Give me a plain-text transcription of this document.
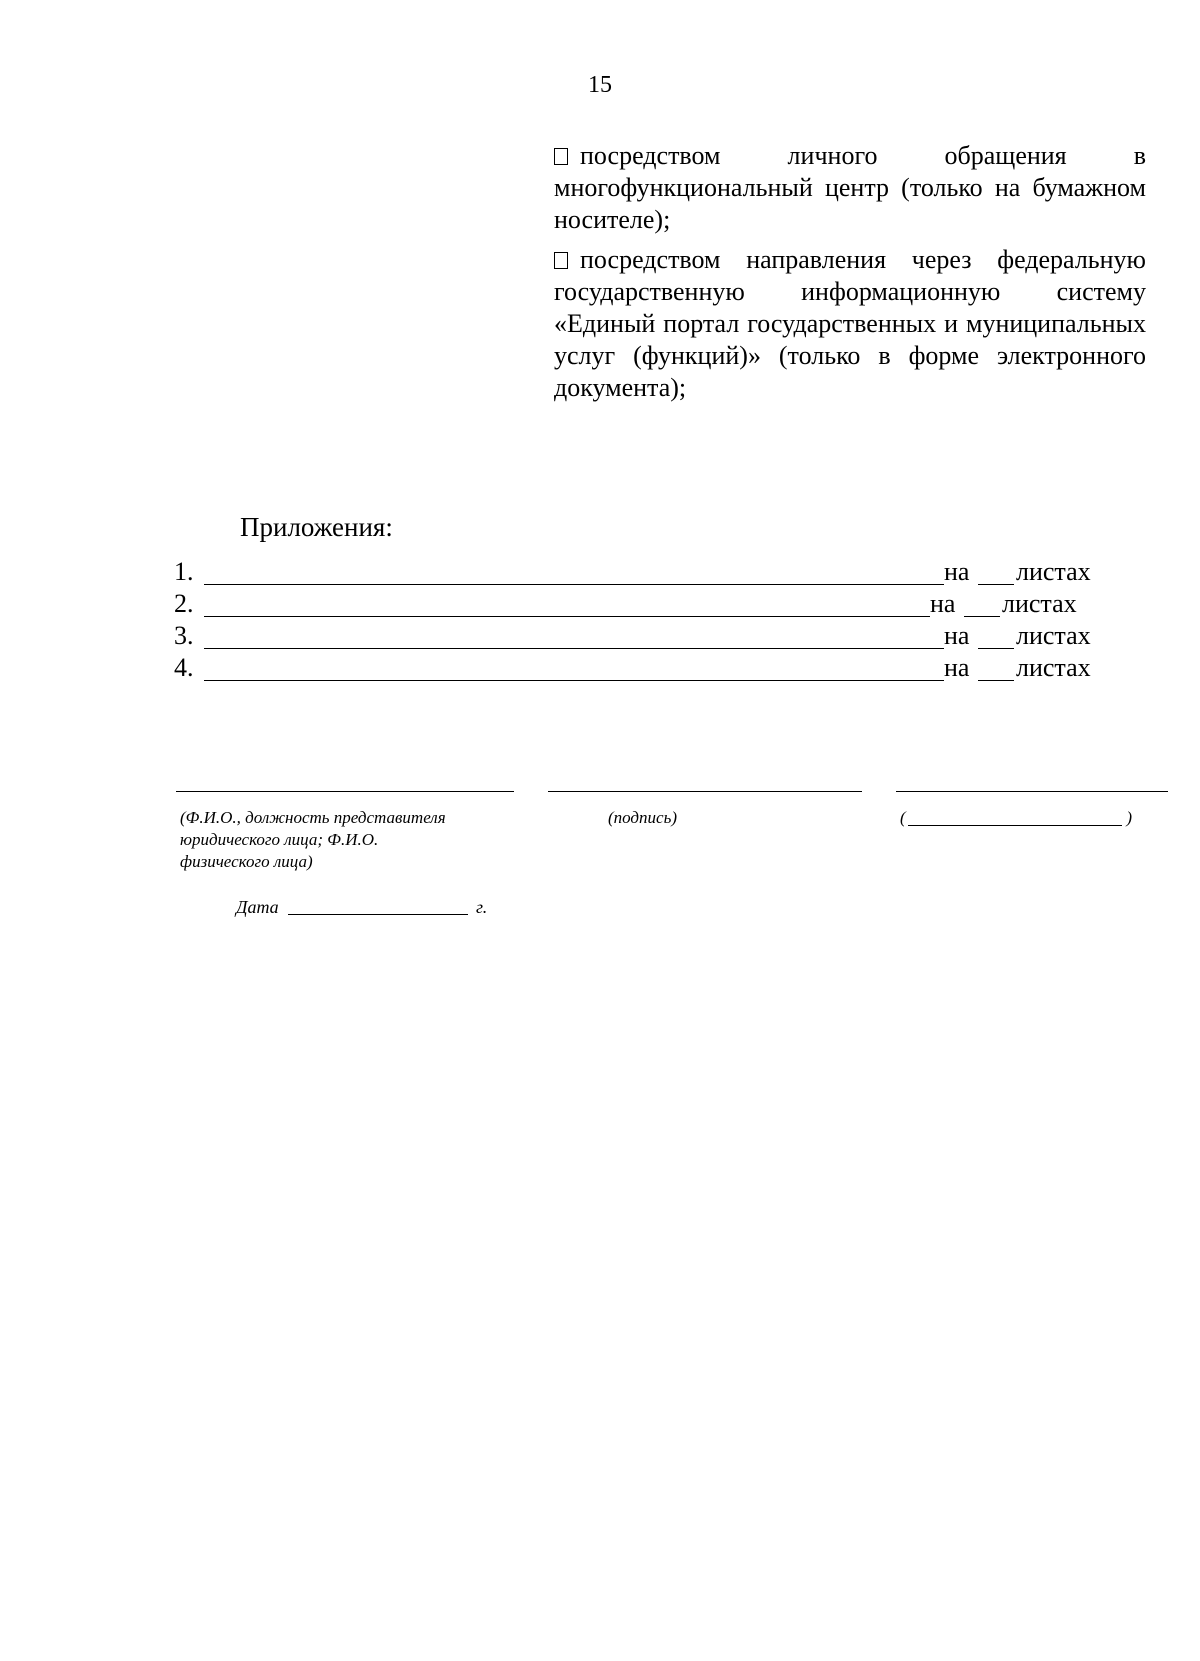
15
посредством личного обращения в многофункциональный центр (только на бумажном носителе);
посредством направления через федеральную государственную информационную систему «Единый портал государственных и муниципальных услуг (функций)» (только в форме электронного документа);
Приложения:
1.	на листах
2.	на листах
3.	на листах
4.	на листах
(Ф.И.О., должность представителя
юридического лица; Ф.И.О.
физического лица)
(подпись)	(	)
Дата	г.
